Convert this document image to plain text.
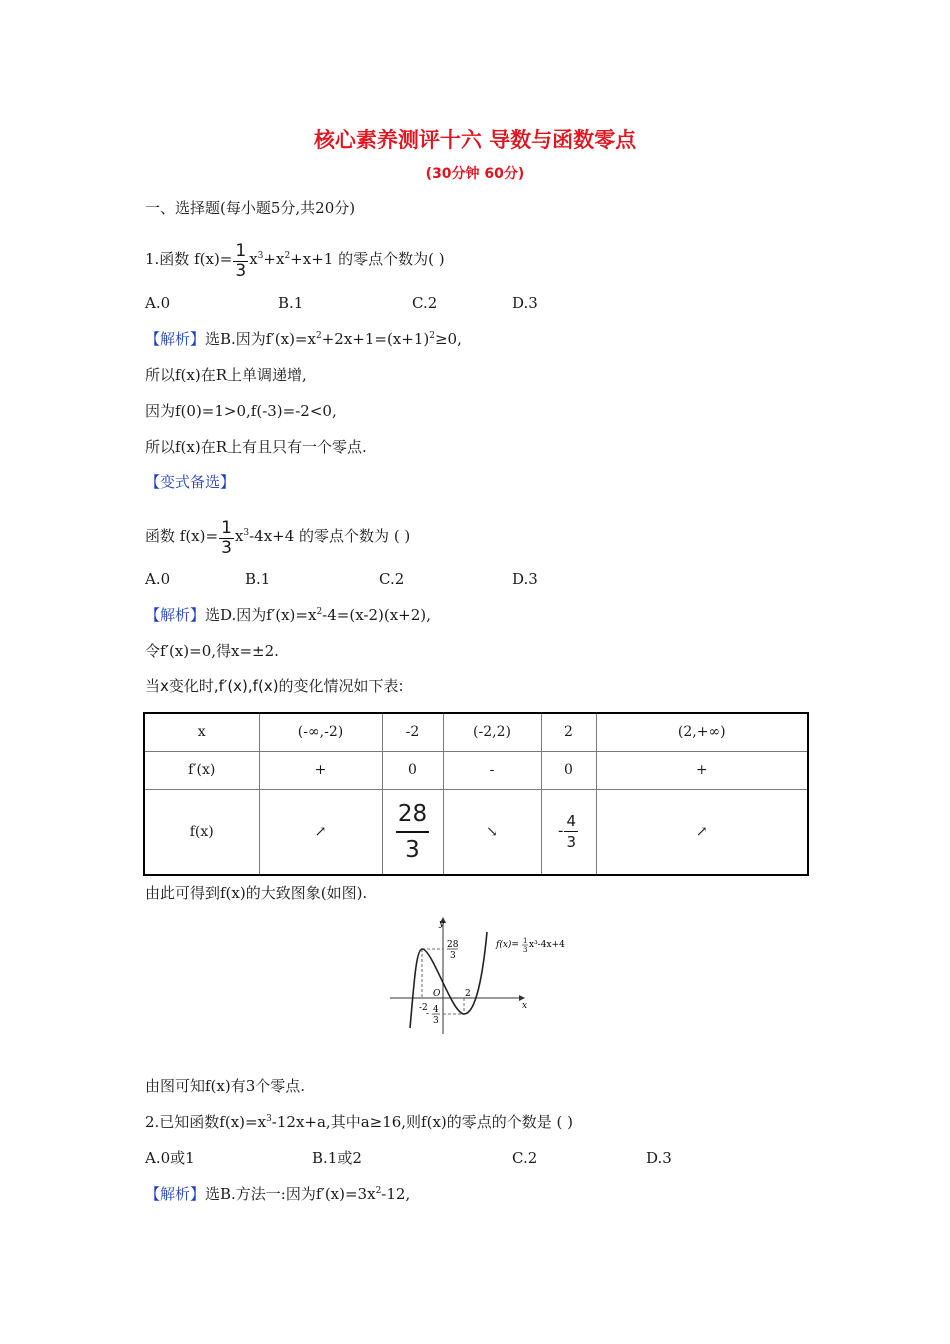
核心素养测评十六 导数与函数零点
(30分钟 60分)
一、选择题(每小题5分,共20分)
1.函数 $f(x)= \frac{1}{3} x^3+x^2+x+1$ 的零点个数为( )
A.0	B.1	C.2	D.3
【解析】选B.因为$f'(x)=x^2+2x+1=(x+1)^2\ge 0$,
所以f(x)在R上单调递增,
因为f(0)=1>0,f(-3)=-2<0,
所以f(x)在R上有且只有一个零点.
【变式备选】
函数 $f(x)= \frac{1}{3} x^3-4x+4$ 的零点个数为 ( )
A.0	B.1	C.2	D.3
【解析】选D.因为$f'(x)=x^2-4=(x-2)(x+2)$,
令f′(x)=0,得x=±2.
当x变化时,f′(x),f(x)的变化情况如下表:
x	(-∞,-2)	-2	(-2,2)	2	(2,+∞)
f′(x)	+	0	-	0	+
f(x)	↗	$\frac{28}{3}$	↘	- $\frac{4}{3}$	↗
由此可得到f(x)的大致图象(如图).
y
x
O
28
3
-2
2
- 4
3
f(x)= 1
3 x³-4x+4
由图可知f(x)有3个零点.
2.已知函数$f(x)=x^3-12x+a$,其中a≥16,则f(x)的零点的个数是 ( )
A.0或1	B.1或2	C.2	D.3
【解析】选B.方法一:因为$f'(x)=3x^2-12$,
